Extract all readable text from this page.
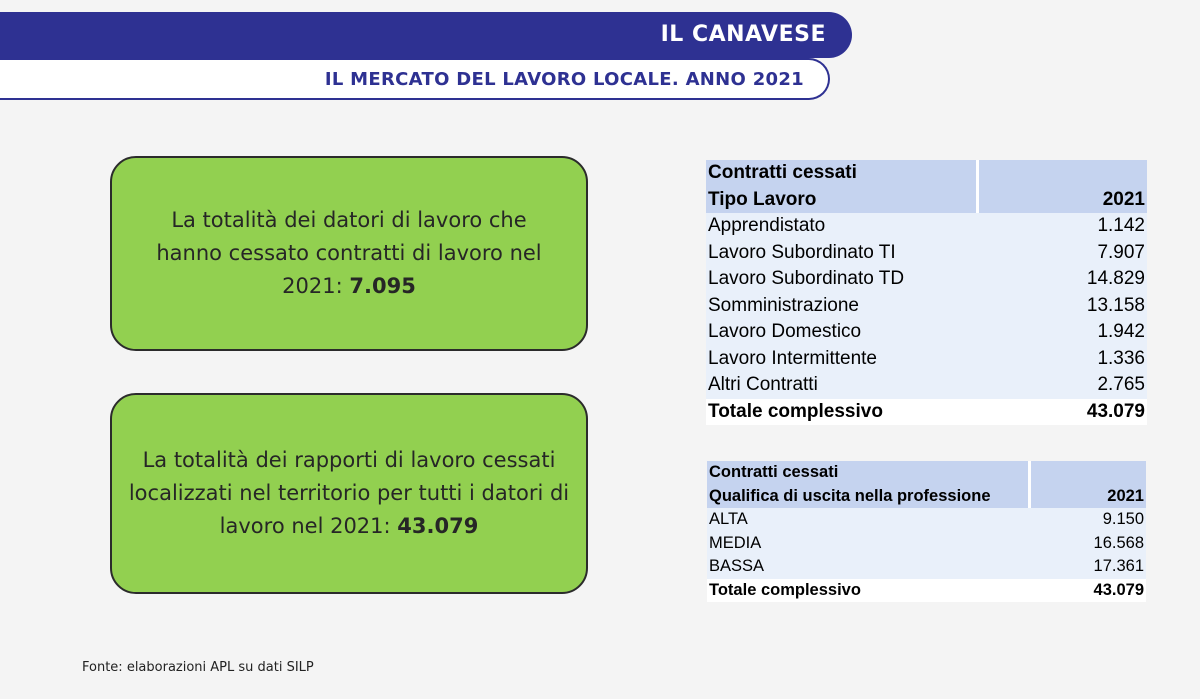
IL CANAVESE
IL MERCATO DEL LAVORO LOCALE. ANNO 2021
La totalità dei datori di lavoro che hanno cessato contratti di lavoro nel 2021: 7.095
La totalità dei rapporti di lavoro cessati localizzati nel territorio per tutti i datori di lavoro nel 2021: 43.079
Contratti cessati	
Tipo Lavoro	2021
Apprendistato	1.142
Lavoro Subordinato TI	7.907
Lavoro Subordinato TD	14.829
Somministrazione	13.158
Lavoro Domestico	1.942
Lavoro Intermittente	1.336
Altri Contratti	2.765
Totale complessivo	43.079
Contratti cessati	
Qualifica di uscita nella professione	2021
ALTA	9.150
MEDIA	16.568
BASSA	17.361
Totale complessivo	43.079
Fonte: elaborazioni APL su dati SILP
